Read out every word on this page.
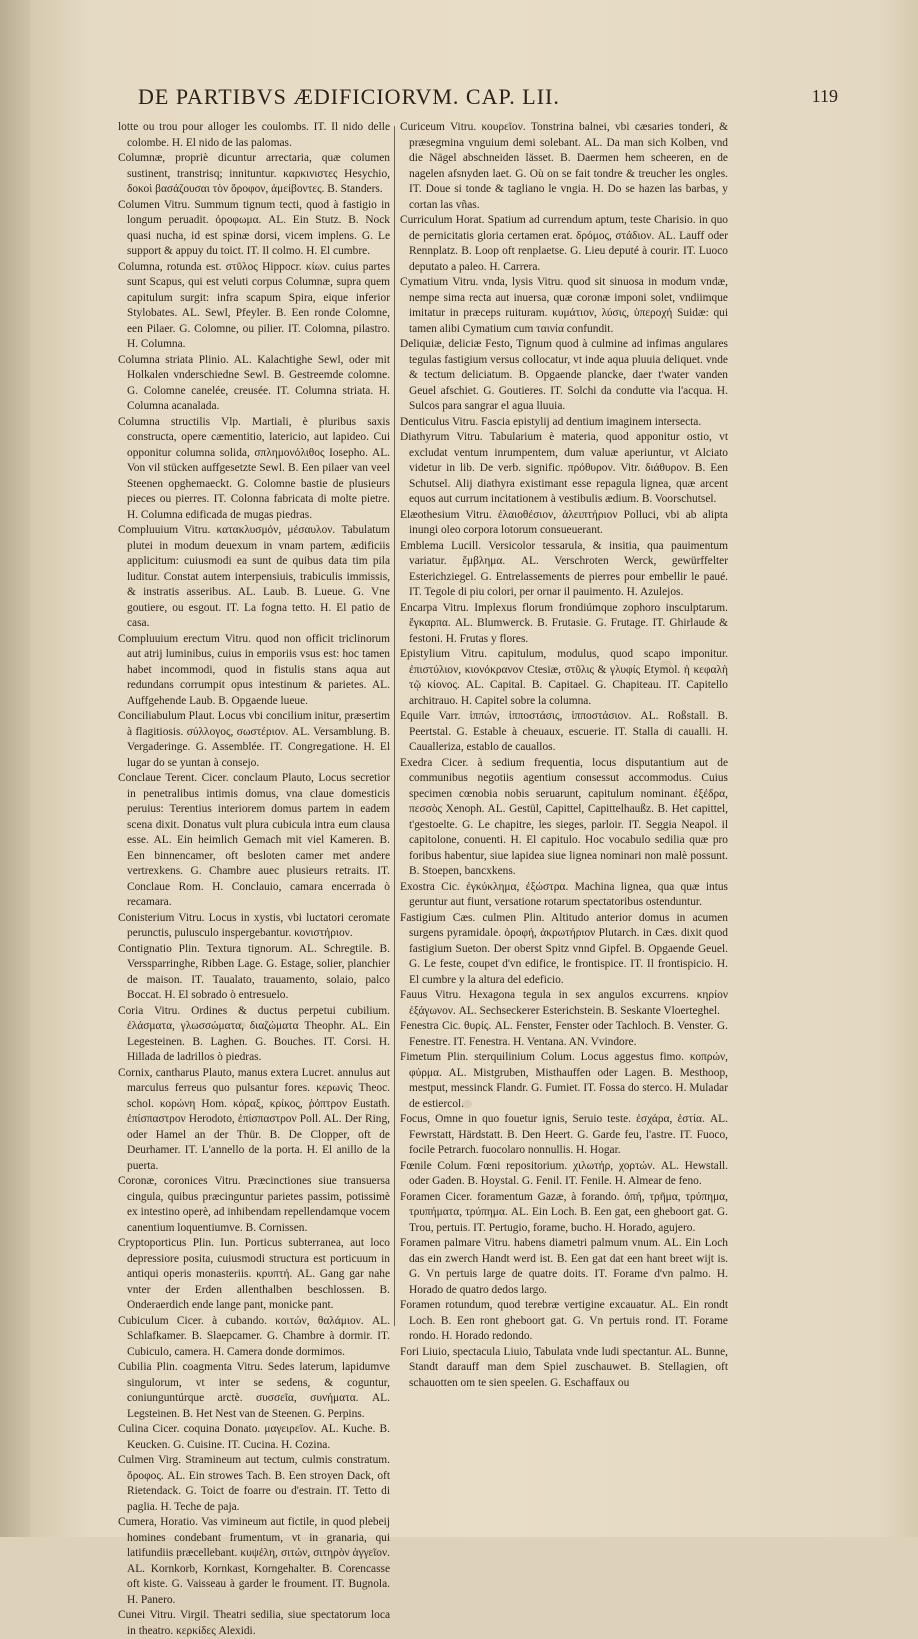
DE PARTIBVS ÆDIFICIORVM. CAP. LII.	119

lotte ou trou pour alloger les coulombs. IT. Il nido delle colombe. H. El nido de las palomas.

Columnæ, propriè dicuntur arrectaria, quæ columen sustinent, transtrisq; innituntur. καρκινιστες Hesychio, δοκοὶ βασάζουσαι τὸν ὄροφον, ἀμείβοντες. B. Standers.

Columen Vitru. Summum tignum tecti, quod à fastigio in longum peruadit. ὀροφωμα. AL. Ein Stutz. B. Nock quasi nucha, id est spinæ dorsi, vicem implens. G. Le support & appuy du toict. IT. Il colmo. H. El cumbre.

Columna, rotunda est. στῦλος Hippocr. κίων. cuius partes sunt Scapus, qui est veluti corpus Columnæ, supra quem capitulum surgit: infra scapum Spira, eique inferior Stylobates. AL. Sewl, Pfeyler. B. Een ronde Colomne, een Pilaer. G. Colomne, ou pilier. IT. Colomna, pilastro. H. Columna.

Columna striata Plinio. AL. Kalachtighe Sewl, oder mit Holkalen vnderschiedne Sewl. B. Gestreemde colomne. G. Colomne canelée, creusée. IT. Columna striata. H. Columna acanalada.

Columna structilis Vlp. Martiali, è pluribus saxis constructa, opere cæmentitio, latericio, aut lapideo. Cui opponitur columna solida, σπλημονόλιθος Iosepho. AL. Von vil stücken auffgesetzte Sewl. B. Een pilaer van veel Steenen opghemaeckt. G. Colomne bastie de plusieurs pieces ou pierres. IT. Colonna fabricata di molte pietre. H. Columna edificada de mugas piedras.

Compluuium Vitru. κατακλυσμόν, μέσαυλον. Tabulatum plutei in modum deuexum in vnam partem, ædificiis applicitum: cuiusmodi ea sunt de quibus data tim pila luditur. Constat autem interpensiuis, trabiculis immissis, & instratis asseribus. AL. Laub. B. Lueue. G. Vne goutiere, ou esgout. IT. La fogna tetto. H. El patio de casa.

Compluuium erectum Vitru. quod non officit triclinorum aut atrij luminibus, cuius in emporiis vsus est: hoc tamen habet incommodi, quod in fistulis stans aqua aut redundans corrumpit opus intestinum & parietes. AL. Auffgehende Laub. B. Opgaende lueue.

Conciliabulum Plaut. Locus vbi concilium initur, præsertim à flagitiosis. σύλλογος, σωστέριον. AL. Versamblung. B. Vergaderinge. G. Assemblée. IT. Congregatione. H. El lugar do se yuntan à consejo.

Conclaue Terent. Cicer. conclaum Plauto, Locus secretior in penetralibus intimis domus, vna claue domesticis peruius: Terentius interiorem domus partem in eadem scena dixit. Donatus vult plura cubicula intra eum clausa esse. AL. Ein heimlich Gemach mit viel Kameren. B. Een binnencamer, oft besloten camer met andere vertrexkens. G. Chambre auec plusieurs retraits. IT. Conclaue Rom. H. Conclauio, camara encerrada ò recamara.

Conisterium Vitru. Locus in xystis, vbi luctatori ceromate perunctis, pulusculo inspergebantur. κονιστήριον.

Contignatio Plin. Textura tignorum. AL. Schregtile. B. Verssparringhe, Ribben Lage. G. Estage, solier, planchier de maison. IT. Taualato, trauamento, solaio, palco Boccat. H. El sobrado ò entresuelo.

Coria Vitru. Ordines & ductus perpetui cubilium. ἐλάσματα, γλωσσώματα, διαζώματα Theophr. AL. Ein Legesteinen. B. Laghen. G. Bouches. IT. Corsi. H. Hillada de ladrillos ò piedras.

Cornix, cantharus Plauto, manus extera Lucret. annulus aut marculus ferreus quo pulsantur fores. κερωνὶς Theoc. schol. κορώνη Hom. κόραξ, κρίκος, ῥόπτρον Eustath. ἐπίσπαστρον Herodoto, ἐπίσπαστρον Poll. AL. Der Ring, oder Hamel an der Thür. B. De Clopper, oft de Deurhamer. IT. L'annello de la porta. H. El anillo de la puerta.

Coronæ, coronices Vitru. Præcinctiones siue transuersa cingula, quibus præcinguntur parietes passim, potissimè ex intestino operè, ad inhibendam repellendamque vocem canentium loquentiumve. B. Cornissen.

Cryptoporticus Plin. Iun. Porticus subterranea, aut loco depressiore posita, cuiusmodi structura est porticuum in antiqui operis monasteriis. κρυπτή. AL. Gang gar nahe vnter der Erden allenthalben beschlossen. B. Onderaerdich ende lange pant, monicke pant.

Cubiculum Cicer. à cubando. κοιτών, θαλάμιον. AL. Schlafkamer. B. Slaepcamer. G. Chambre à dormir. IT. Cubiculo, camera. H. Camera donde dormimos.

Cubilia Plin. coagmenta Vitru. Sedes laterum, lapidumve singulorum, vt inter se sedens, & coguntur, coniunguntúrque arctè. συσσεῖα, συνήματα. AL. Legsteinen. B. Het Nest van de Steenen. G. Perpins.

Culina Cicer. coquina Donato. μαγειρεῖον. AL. Kuche. B. Keucken. G. Cuisine. IT. Cucina. H. Cozina.

Culmen Virg. Stramineum aut tectum, culmis constratum. ὄροφος. AL. Ein strowes Tach. B. Een stroyen Dack, oft Rietendack. G. Toict de foarre ou d'estrain. IT. Tetto di paglia. H. Teche de paja.

Cumera, Horatio. Vas vimineum aut fictile, in quod plebeij homines condebant frumentum, vt in granaria, qui latifundiis præcellebant. κυψέλη, σιτών, σιτηρὸν ἀγγεῖον. AL. Kornkorb, Kornkast, Korngehalter. B. Corencasse oft kiste. G. Vaisseau à garder le froument. IT. Bugnola. H. Panero.

Cunei Vitru. Virgil. Theatri sedilia, siue spectatorum loca in theatro. κερκίδες Alexidi.

Curiceum Vitru. κουρεῖον. Tonstrina balnei, vbi cæsaries tonderi, & præsegmina vnguium demi solebant. AL. Da man sich Kolben, vnd die Nägel abschneiden lässet. B. Daermen hem scheeren, en de nagelen afsnyden laet. G. Où on se fait tondre & treucher les ongles. IT. Doue si tonde & tagliano le vngia. H. Do se hazen las barbas, y cortan las vñas.

Curriculum Horat. Spatium ad currendum aptum, teste Charisio. in quo de pernicitatis gloria certamen erat. δρόμος, στάδιον. AL. Lauff oder Rennplatz. B. Loop oft renplaetse. G. Lieu deputé à courir. IT. Luoco deputato a paleo. H. Carrera.

Cymatium Vitru. vnda, lysis Vitru. quod sit sinuosa in modum vndæ, nempe sima recta aut inuersa, quæ coronæ imponi solet, vndiimque imitatur in præceps ruituram. κυμάτιον, λύσις, ὑπεροχή Suidæ: qui tamen alibi Cymatium cum ταινία confundit.

Deliquiæ, deliciæ Festo, Tignum quod à culmine ad infimas angulares tegulas fastigium versus collocatur, vt inde aqua pluuia deliquet. vnde & tectum deliciatum. B. Opgaende plancke, daer t'water vanden Geuel afschiet. G. Goutieres. IT. Solchi da condutte via l'acqua. H. Sulcos para sangrar el agua lluuia.

Denticulus Vitru. Fascia epistylij ad dentium imaginem intersecta.

Diathyrum Vitru. Tabularium è materia, quod apponitur ostio, vt excludat ventum inrumpentem, dum valuæ aperiuntur, vt Alciato videtur in lib. De verb. signific. πρόθυρον. Vitr. διάθυρον. B. Een Schutsel. Alij diathyra existimant esse repagula lignea, quæ arcent equos aut currum incitationem à vestibulis ædium. B. Voorschutsel.

Elæothesium Vitru. ἐλαιοθέσιον, ἀλειπτήριον Polluci, vbi ab alipta inungi oleo corpora lotorum consueuerant.

Emblema Lucill. Versicolor tessarula, & insitia, qua pauimentum variatur. ἔμβλημα. AL. Verschroten Werck, gewürffelter Esterichziegel. G. Entrelassements de pierres pour embellir le paué. IT. Tegole di piu colori, per ornar il pauimento. H. Azulejos.

Encarpa Vitru. Implexus florum frondiúmque zophoro insculptarum. ἔγκαρπα. AL. Blumwerck. B. Frutasie. G. Frutage. IT. Ghirlaude & festoni. H. Frutas y flores.

Epistylium Vitru. capitulum, modulus, quod scapo imponitur. ἐπιστύλιον, κιονόκρανον Ctesiæ, στῦλις & γλυφίς Etymol. ἡ κεφαλὴ τῷ κίονος. AL. Capital. B. Capitael. G. Chapiteau. IT. Capitello architrauo. H. Capitel sobre la columna.

Equile Varr. ἱππών, ἱπποστάσις, ἱπποστάσιον. AL. Roßstall. B. Peertstal. G. Estable à cheuaux, escuerie. IT. Stalla di caualli. H. Caualleriza, establo de cauallos.

Exedra Cicer. à sedium frequentia, locus disputantium aut de communibus negotiis agentium consessut accommodus. Cuius specimen cœnobia nobis seruarunt, capitulum nominant. ἐξέδρα, πεσσὸς Xenoph. AL. Gestül, Capittel, Capittelhaußz. B. Het capittel, t'gestoelte. G. Le chapitre, les sieges, parloir. IT. Seggia Neapol. il capitolone, conuenti. H. El capitulo. Hoc vocabulo sedilia quæ pro foribus habentur, siue lapidea siue lignea nominari non malè possunt. B. Stoepen, bancxkens.

Exostra Cic. ἐγκύκλημα, ἐξώστρα. Machina lignea, qua quæ intus geruntur aut fiunt, versatione rotarum spectatoribus ostenduntur.

Fastigium Cæs. culmen Plin. Altitudo anterior domus in acumen surgens pyramidale. ὀροφή, ἀκρωτήριον Plutarch. in Cæs. dixit quod fastigium Sueton. Der oberst Spitz vnnd Gipfel. B. Opgaende Geuel. G. Le feste, coupet d'vn edifice, le frontispice. IT. Il frontispicio. H. El cumbre y la altura del edeficio.

Fauus Vitru. Hexagona tegula in sex angulos excurrens. κηρίον ἐξάγωνον. AL. Sechseckerer Esterichstein. B. Seskante Vloerteghel.

Fenestra Cic. θυρίς. AL. Fenster, Fenster oder Tachloch. B. Venster. G. Fenestre. IT. Fenestra. H. Ventana. AN. Vvindore.

Fimetum Plin. sterquilinium Colum. Locus aggestus fimo. κοπρών, φύρμα. AL. Mistgruben, Misthauffen oder Lagen. B. Mesthoop, mestput, messinck Flandr. G. Fumiet. IT. Fossa do sterco. H. Muladar de estiercol.

Focus, Omne in quo fouetur ignis, Seruio teste. ἐσχάρα, ἑστία. AL. Fewrstatt, Härdstatt. B. Den Heert. G. Garde feu, l'astre. IT. Fuoco, focile Petrarch. fuocolaro nonnullis. H. Hogar.

Fœnile Colum. Fœni repositorium. χιλωτήρ, χορτών. AL. Hewstall. oder Gaden. B. Hoystal. G. Fenil. IT. Fenile. H. Almear de feno.

Foramen Cicer. foramentum Gazæ, à forando. ὀπή, τρῆμα, τρύπημα, τρυπήματα, τρύπημα. AL. Ein Loch. B. Een gat, een gheboort gat. G. Trou, pertuis. IT. Pertugio, forame, bucho. H. Horado, agujero.

Foramen palmare Vitru. habens diametri palmum vnum. AL. Ein Loch das ein zwerch Handt werd ist. B. Een gat dat een hant breet wijt is. G. Vn pertuis large de quatre doits. IT. Forame d'vn palmo. H. Horado de quatro dedos largo.

Foramen rotundum, quod terebræ vertigine excauatur. AL. Ein rondt Loch. B. Een ront gheboort gat. G. Vn pertuis rond. IT. Forame rondo. H. Horado redondo.

Fori Liuio, spectacula Liuio, Tabulata vnde ludi spectantur. AL. Bunne, Standt darauff man dem Spiel zuschauwet. B. Stellagien, oft schauotten om te sien speelen. G. Eschaffaux ou
